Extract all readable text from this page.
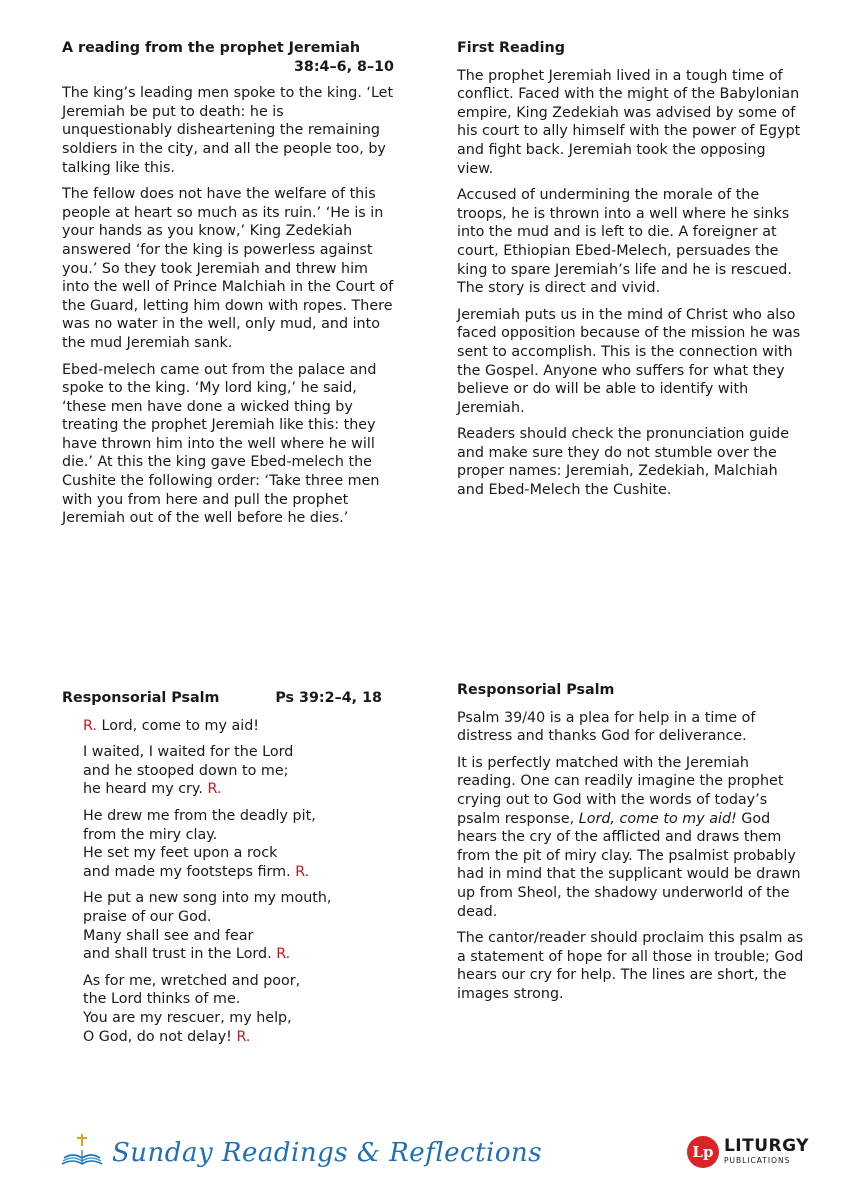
A reading from the prophet Jeremiah
38:4–6, 8–10

The king’s leading men spoke to the king. ‘Let Jeremiah be put to death: he is unquestionably disheartening the remaining soldiers in the city, and all the people too, by talking like this.

The fellow does not have the welfare of this people at heart so much as its ruin.’ ‘He is in your hands as you know,’ King Zedekiah answered ‘for the king is powerless against you.’ So they took Jeremiah and threw him into the well of Prince Malchiah in the Court of the Guard, letting him down with ropes. There was no water in the well, only mud, and into the mud Jeremiah sank.

Ebed-melech came out from the palace and spoke to the king. ‘My lord king,’ he said, ‘these men have done a wicked thing by treating the prophet Jeremiah like this: they have thrown him into the well where he will die.’ At this the king gave Ebed-melech the Cushite the following order: ‘Take three men with you from here and pull the prophet Jeremiah out of the well before he dies.’

First Reading

The prophet Jeremiah lived in a tough time of conflict. Faced with the might of the Babylonian empire, King Zedekiah was advised by some of his court to ally himself with the power of Egypt and fight back. Jeremiah took the opposing view.

Accused of undermining the morale of the troops, he is thrown into a well where he sinks into the mud and is left to die. A foreigner at court, Ethiopian Ebed-Melech, persuades the king to spare Jeremiah’s life and he is rescued. The story is direct and vivid.

Jeremiah puts us in the mind of Christ who also faced opposition because of the mission he was sent to accomplish. This is the connection with the Gospel. Anyone who suffers for what they believe or do will be able to identify with Jeremiah.

Readers should check the pronunciation guide and make sure they do not stumble over the proper names: Jeremiah, Zedekiah, Malchiah and Ebed-Melech the Cushite.

Responsorial Psalm	Ps 39:2–4, 18
R. Lord, come to my aid!
I waited, I waited for the Lord
and he stooped down to me;
he heard my cry. R.
He drew me from the deadly pit,
from the miry clay.
He set my feet upon a rock
and made my footsteps firm. R.
He put a new song into my mouth,
praise of our God.
Many shall see and fear
and shall trust in the Lord. R.
As for me, wretched and poor,
the Lord thinks of me.
You are my rescuer, my help,
O God, do not delay! R.
Responsorial Psalm

Psalm 39/40 is a plea for help in a time of distress and thanks God for deliverance.

It is perfectly matched with the Jeremiah reading. One can readily imagine the prophet crying out to God with the words of today’s psalm response, Lord, come to my aid! God hears the cry of the afflicted and draws them from the pit of miry clay. The psalmist probably had in mind that the supplicant would be drawn up from Sheol, the shadowy underworld of the dead.

The cantor/reader should proclaim this psalm as a statement of hope for all those in trouble; God hears our cry for help. The lines are short, the images strong.

Sunday Readings & Reflections	Lp LITURGY
PUBLICATIONS
